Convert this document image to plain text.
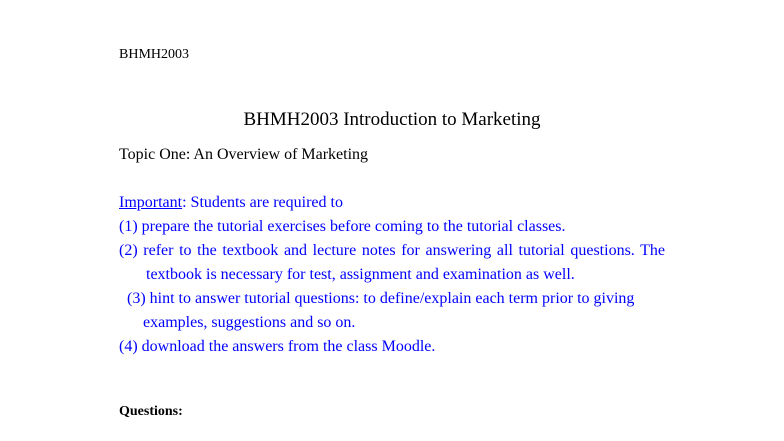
BHMH2003
BHMH2003 Introduction to Marketing
Topic One: An Overview of Marketing
Important: Students are required to

(1) prepare the tutorial exercises before coming to the tutorial classes.

(2) refer to the textbook and lecture notes for answering all tutorial questions. The textbook is necessary for test, assignment and examination as well.

(3) hint to answer tutorial questions: to define/explain each term prior to giving examples, suggestions and so on.

(4) download the answers from the class Moodle.

Questions:
